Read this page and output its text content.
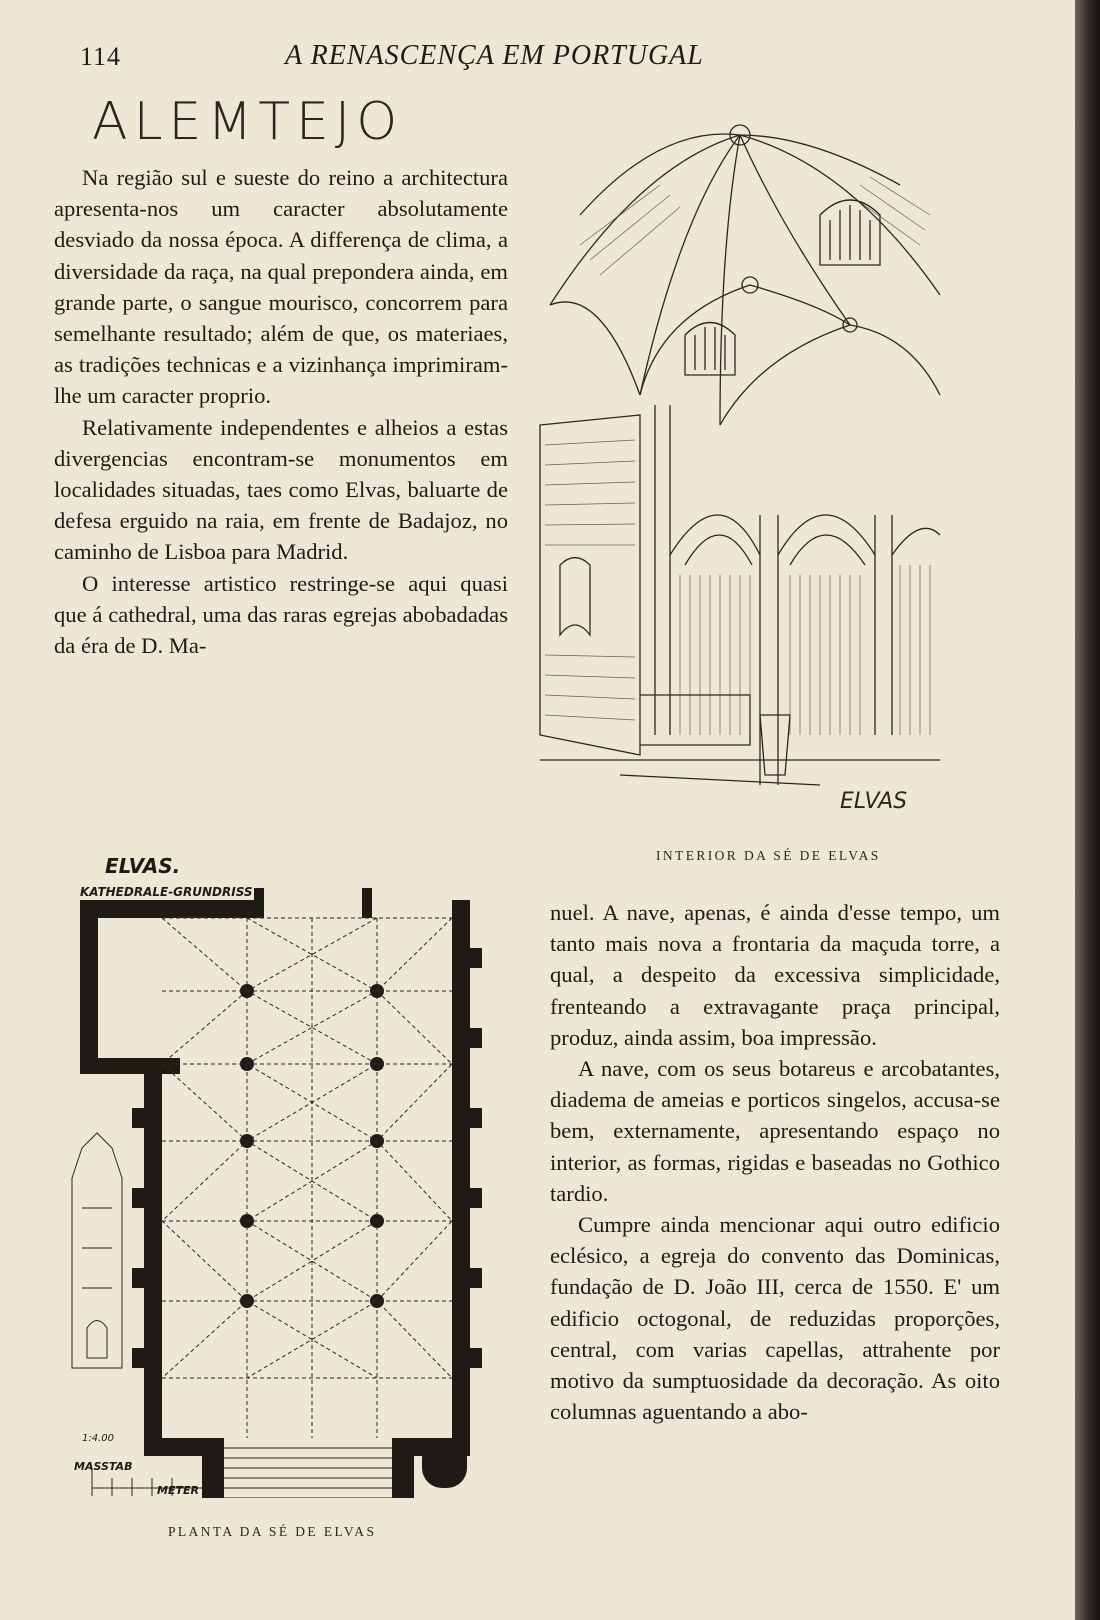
114	A RENASCENÇA EM PORTUGAL
ALEMTEJO

Na região sul e sueste do reino a architectura apresenta-nos um caracter absolutamente desviado da nossa época. A differença de clima, a diversidade da raça, na qual prepondera ainda, em grande parte, o sangue mourisco, concorrem para semelhante resultado; além de que, os materiaes, as tradições technicas e a vizinhança imprimiram-lhe um caracter proprio.

Relativamente independentes e alheios a estas divergencias encontram-se monumentos em localidades situadas, taes como Elvas, baluarte de defesa erguido na raia, em frente de Badajoz, no caminho de Lisboa para Madrid.

O interesse artistico restringe-se aqui quasi que á cathedral, uma das raras egrejas abobadadas da éra de D. Ma-

ELVAS
INTERIOR DA SÉ DE ELVAS
ELVAS.
KATHEDRALE-GRUNDRISS
1:4.00
MASSTAB
METER
PLANTA DA SÉ DE ELVAS

nuel. A nave, apenas, é ainda d'esse tempo, um tanto mais nova a frontaria da maçuda torre, a qual, a despeito da excessiva simplicidade, frenteando a extravagante praça principal, produz, ainda assim, boa impressão.

A nave, com os seus botareus e arcobatantes, diadema de ameias e porticos singelos, accusa-se bem, externamente, apresentando espaço no interior, as formas, rigidas e baseadas no Gothico tardio.

Cumpre ainda mencionar aqui outro edificio eclésico, a egreja do convento das Dominicas, fundação de D. João III, cerca de 1550. E' um edificio octogonal, de reduzidas proporções, central, com varias capellas, attrahente por motivo da sumptuosidade da decoração. As oito columnas aguentando a abo-
